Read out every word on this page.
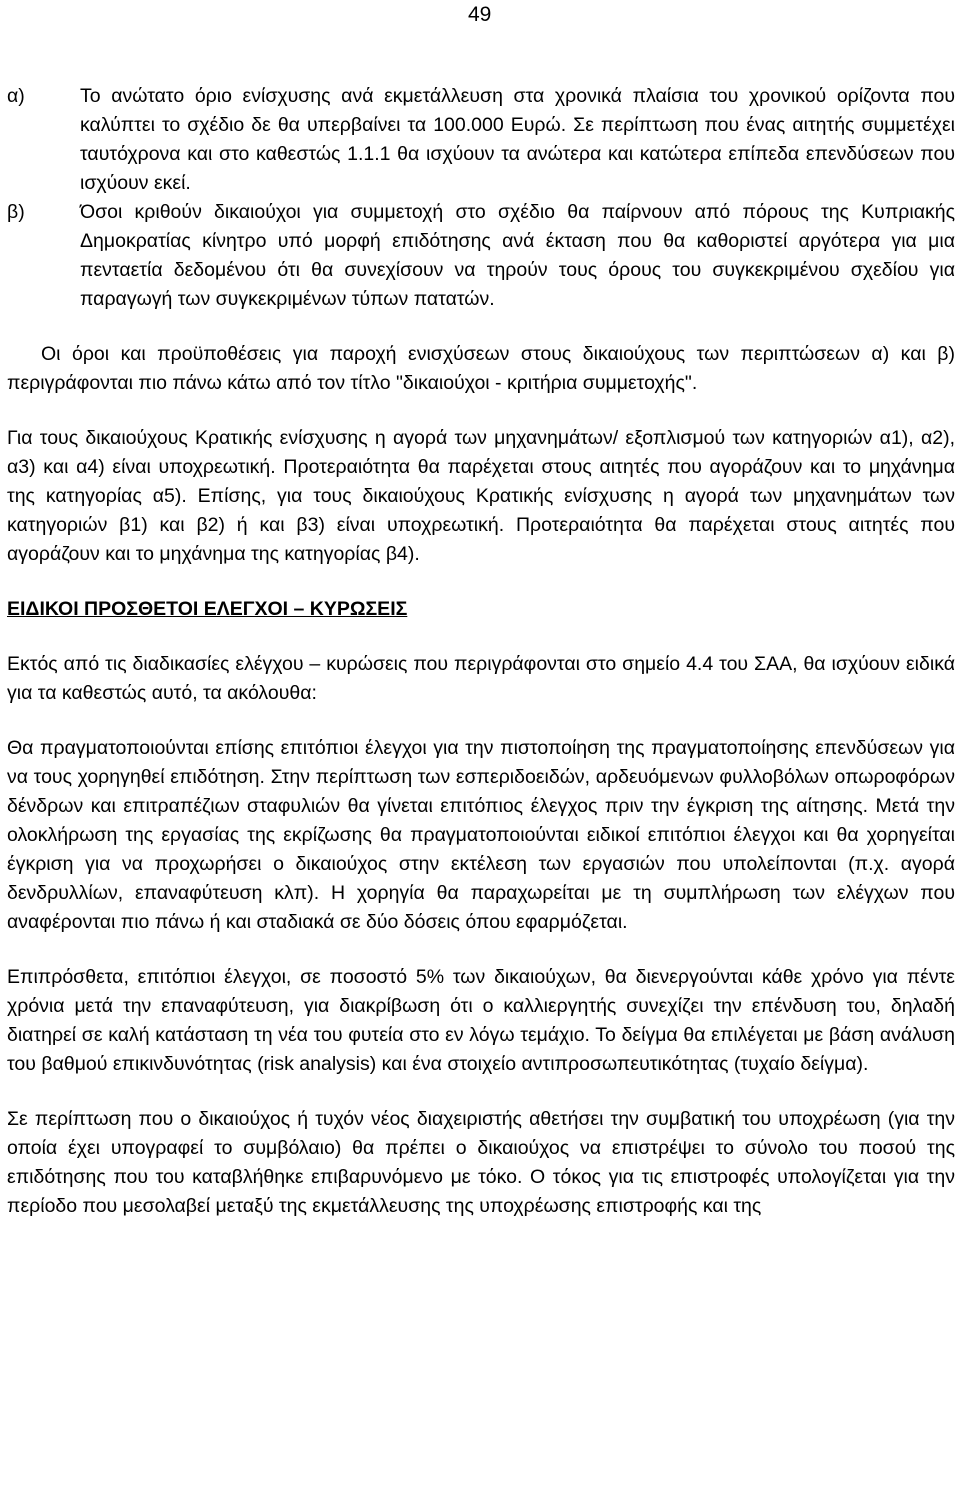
49
α)	Το ανώτατο όριο ενίσχυσης ανά εκμετάλλευση στα χρονικά πλαίσια του χρονικού ορίζοντα που καλύπτει το σχέδιο δε θα υπερβαίνει τα 100.000 Ευρώ. Σε περίπτωση που ένας αιτητής συμμετέχει ταυτόχρονα και στο καθεστώς 1.1.1 θα ισχύουν τα ανώτερα και κατώτερα επίπεδα επενδύσεων που ισχύουν εκεί.
β)	Όσοι κριθούν δικαιούχοι για συμμετοχή στο σχέδιο θα παίρνουν από πόρους της Κυπριακής Δημοκρατίας κίνητρο υπό μορφή επιδότησης ανά έκταση που θα καθοριστεί αργότερα για μια πενταετία δεδομένου ότι θα συνεχίσουν να τηρούν τους όρους του συγκεκριμένου σχεδίου για παραγωγή των συγκεκριμένων τύπων πατατών.

Οι όροι και προϋποθέσεις για παροχή ενισχύσεων στους δικαιούχους των περιπτώσεων α) και β) περιγράφονται πιο πάνω κάτω από τον τίτλο "δικαιούχοι - κριτήρια συμμετοχής".

Για τους δικαιούχους Κρατικής ενίσχυσης η αγορά των μηχανημάτων/ εξοπλισμού των κατηγοριών α1), α2), α3) και α4) είναι υποχρεωτική. Προτεραιότητα θα παρέχεται στους αιτητές που αγοράζουν και το μηχάνημα της κατηγορίας α5). Επίσης, για τους δικαιούχους Κρατικής ενίσχυσης η αγορά των μηχανημάτων των κατηγοριών β1) και β2) ή και β3) είναι υποχρεωτική. Προτεραιότητα θα παρέχεται στους αιτητές που αγοράζουν και το μηχάνημα της κατηγορίας β4).

ΕΙΔΙΚΟΙ ΠΡΟΣΘΕΤΟΙ ΕΛΕΓΧΟΙ – ΚΥΡΩΣΕΙΣ

Εκτός από τις διαδικασίες ελέγχου – κυρώσεις που περιγράφονται στο σημείο 4.4 του ΣΑΑ, θα ισχύουν ειδικά για τα καθεστώς αυτό, τα ακόλουθα:

Θα πραγματοποιούνται επίσης επιτόπιοι έλεγχοι για την πιστοποίηση της πραγματοποίησης επενδύσεων για να τους χορηγηθεί επιδότηση. Στην περίπτωση των εσπεριδοειδών, αρδευόμενων φυλλοβόλων οπωροφόρων δένδρων και επιτραπέζιων σταφυλιών θα γίνεται επιτόπιος έλεγχος πριν την έγκριση της αίτησης. Μετά την ολοκλήρωση της εργασίας της εκρίζωσης θα πραγματοποιούνται ειδικοί επιτόπιοι έλεγχοι και θα χορηγείται έγκριση για να προχωρήσει ο δικαιούχος στην εκτέλεση των εργασιών που υπολείπονται (π.χ. αγορά δενδρυλλίων, επαναφύτευση κλπ). Η χορηγία θα παραχωρείται με τη συμπλήρωση των ελέγχων που αναφέρονται πιο πάνω ή και σταδιακά σε δύο δόσεις όπου εφαρμόζεται.

Επιπρόσθετα, επιτόπιοι έλεγχοι, σε ποσοστό 5% των δικαιούχων, θα διενεργούνται κάθε χρόνο για πέντε χρόνια μετά την επαναφύτευση, για διακρίβωση ότι ο καλλιεργητής συνεχίζει την επένδυση του, δηλαδή διατηρεί σε καλή κατάσταση τη νέα του φυτεία στο εν λόγω τεμάχιο. Το δείγμα θα επιλέγεται με βάση ανάλυση του βαθμού επικινδυνότητας (risk analysis) και ένα στοιχείο αντιπροσωπευτικότητας (τυχαίο δείγμα).

Σε περίπτωση που ο δικαιούχος ή τυχόν νέος διαχειριστής αθετήσει την συμβατική του υποχρέωση (για την οποία έχει υπογραφεί το συμβόλαιο) θα πρέπει ο δικαιούχος να επιστρέψει το σύνολο του ποσού της επιδότησης που του καταβλήθηκε επιβαρυνόμενο με τόκο. Ο τόκος για τις επιστροφές υπολογίζεται για την περίοδο που μεσολαβεί μεταξύ της εκμετάλλευσης της υποχρέωσης επιστροφής και της
